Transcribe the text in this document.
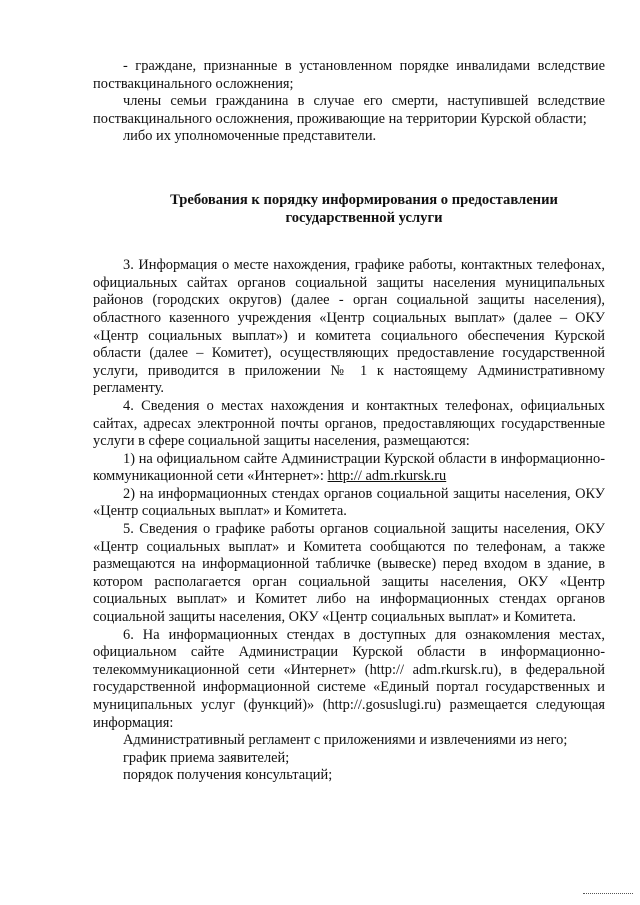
- граждане, признанные в установленном порядке инвалидами вследствие поствакцинального осложнения;

члены семьи гражданина в случае его смерти, наступившей вследствие поствакцинального осложнения, проживающие на территории Курской области;

либо их уполномоченные представители.

Требования к порядку информирования о предоставлении
государственной услуги

3. Информация о месте нахождения, графике работы, контактных телефонах, официальных сайтах органов социальной защиты населения муниципальных районов (городских округов) (далее - орган социальной защиты населения), областного казенного учреждения «Центр социальных выплат» (далее – ОКУ «Центр социальных выплат») и комитета социального обеспечения Курской области (далее – Комитет), осуществляющих предоставление государственной услуги, приводится в приложении № 1 к настоящему Административному регламенту.

4. Сведения о местах нахождения и контактных телефонах, официальных сайтах, адресах электронной почты органов, предоставляющих государственные услуги в сфере социальной защиты населения, размещаются:

1) на официальном сайте Администрации Курской области в информационно-коммуникационной сети «Интернет»: http:// adm.rkursk.ru

2) на информационных стендах органов социальной защиты населения, ОКУ «Центр социальных выплат» и Комитета.

5. Сведения о графике работы органов социальной защиты населения, ОКУ «Центр социальных выплат» и Комитета сообщаются по телефонам, а также размещаются на информационной табличке (вывеске) перед входом в здание, в котором располагается орган социальной защиты населения, ОКУ «Центр социальных выплат» и Комитет либо на информационных стендах органов социальной защиты населения, ОКУ «Центр социальных выплат» и Комитета.

6. На информационных стендах в доступных для ознакомления местах, официальном сайте Администрации Курской области в информационно-телекоммуникационной сети «Интернет» (http:// adm.rkursk.ru), в федеральной государственной информационной системе «Единый портал государственных и муниципальных услуг (функций)» (http://.gosuslugi.ru) размещается следующая информация:

Административный регламент с приложениями и извлечениями из него;

график приема заявителей;

порядок получения консультаций;
